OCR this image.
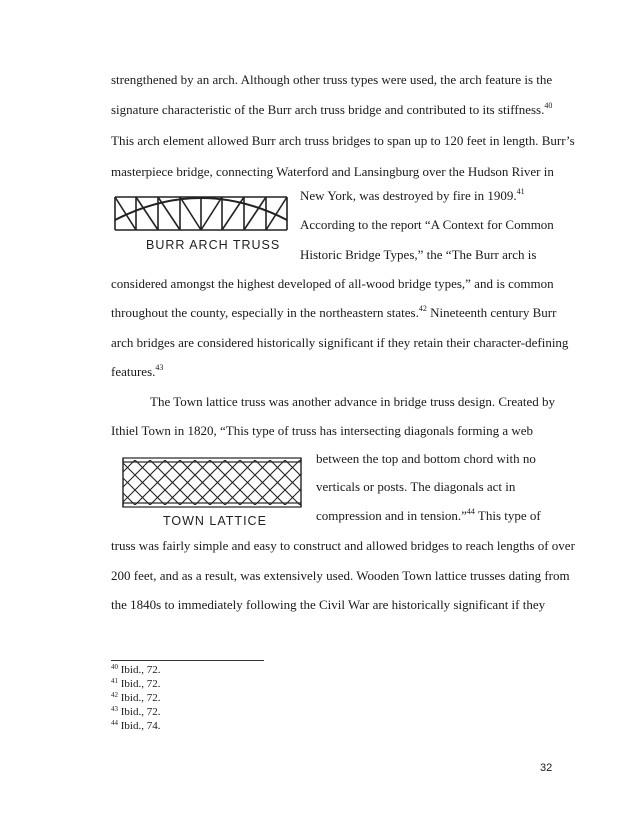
strengthened by an arch. Although other truss types were used, the arch feature is the
signature characteristic of the Burr arch truss bridge and contributed to its stiffness.$^{40}$
This arch element allowed Burr arch truss bridges to span up to 120 feet in length. Burr’s
masterpiece bridge, connecting Waterford and Lansingburg over the Hudson River in
New York, was destroyed by fire in 1909.41
According to the report “A Context for Common
Historic Bridge Types,” the “The Burr arch is
considered amongst the highest developed of all-wood bridge types,” and is common
throughout the county, especially in the northeastern states.$^{42}$ Nineteenth century Burr
arch bridges are considered historically significant if they retain their character-defining
features.$^{43}$
The Town lattice truss was another advance in bridge truss design. Created by
Ithiel Town in 1820, “This type of truss has intersecting diagonals forming a web
between the top and bottom chord with no
verticals or posts. The diagonals act in
compression and in tension.”$^{44}$ This type of
truss was fairly simple and easy to construct and allowed bridges to reach lengths of over
200 feet, and as a result, was extensively used. Wooden Town lattice trusses dating from
the 1840s to immediately following the Civil War are historically significant if they
BURR ARCH TRUSS
TOWN LATTICE
$^{40}$ Ibid., 72.
$^{41}$ Ibid., 72.
$^{42}$ Ibid., 72.
$^{43}$ Ibid., 72.
$^{44}$ Ibid., 74.
32
